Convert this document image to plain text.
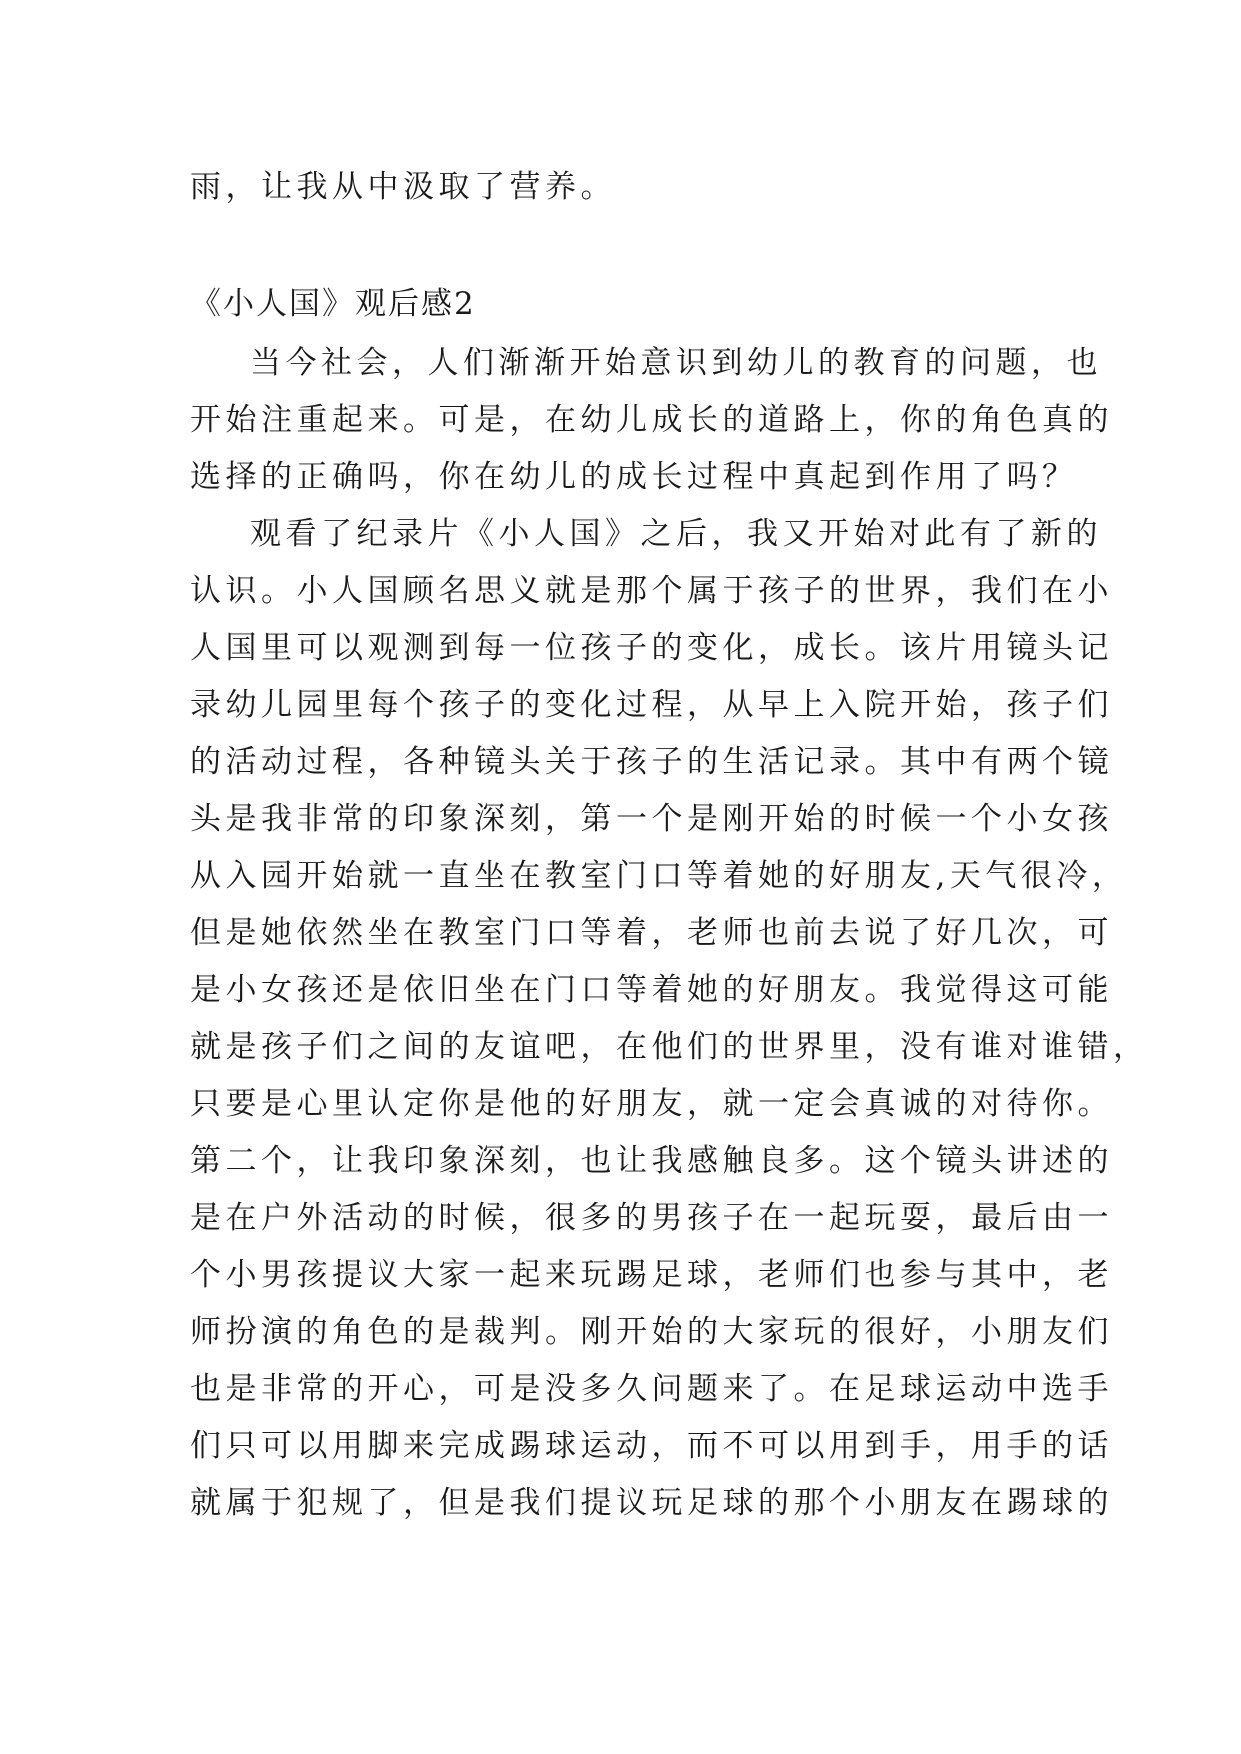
雨，让我从中汲取了营养。
《小人国》观后感2
当今社会，人们渐渐开始意识到幼儿的教育的问题，也
开始注重起来。可是，在幼儿成长的道路上，你的角色真的
选择的正确吗，你在幼儿的成长过程中真起到作用了吗？
观看了纪录片《小人国》之后，我又开始对此有了新的
认识。小人国顾名思义就是那个属于孩子的世界，我们在小
人国里可以观测到每一位孩子的变化，成长。该片用镜头记
录幼儿园里每个孩子的变化过程，从早上入院开始，孩子们
的活动过程，各种镜头关于孩子的生活记录。其中有两个镜
头是我非常的印象深刻，第一个是刚开始的时候一个小女孩
从入园开始就一直坐在教室门口等着她的好朋友,天气很冷，
但是她依然坐在教室门口等着，老师也前去说了好几次，可
是小女孩还是依旧坐在门口等着她的好朋友。我觉得这可能
就是孩子们之间的友谊吧，在他们的世界里，没有谁对谁错，
只要是心里认定你是他的好朋友，就一定会真诚的对待你。
第二个，让我印象深刻，也让我感触良多。这个镜头讲述的
是在户外活动的时候，很多的男孩子在一起玩耍，最后由一
个小男孩提议大家一起来玩踢足球，老师们也参与其中，老
师扮演的角色的是裁判。刚开始的大家玩的很好，小朋友们
也是非常的开心，可是没多久问题来了。在足球运动中选手
们只可以用脚来完成踢球运动，而不可以用到手，用手的话
就属于犯规了，但是我们提议玩足球的那个小朋友在踢球的
